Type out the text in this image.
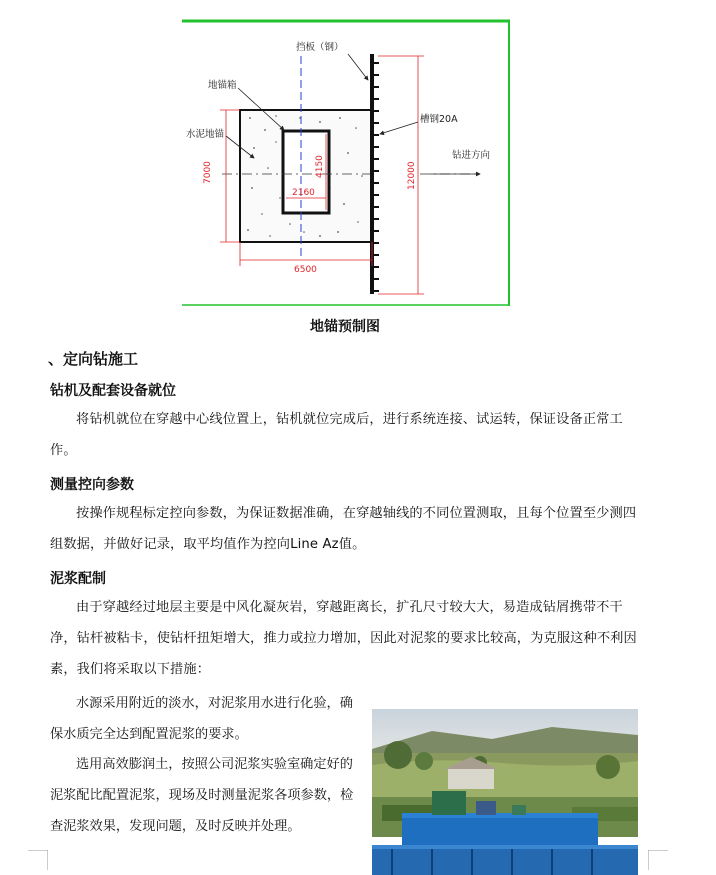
挡板（钢）
地锚箱
水泥地锚
槽钢20A
钻进方向
7000
6500
2160
4150	12000
地锚预制图
、定向钻施工
钻机及配套设备就位
将钻机就位在穿越中心线位置上，钻机就位完成后，进行系统连接、试运转，保证设备正常工作。
测量控向参数
按操作规程标定控向参数，为保证数据准确，在穿越轴线的不同位置测取，且每个位置至少测四组数据，并做好记录，取平均值作为控向Line Az值。
泥浆配制
由于穿越经过地层主要是中风化凝灰岩，穿越距离长，扩孔尺寸较大大，易造成钻屑携带不干净，钻杆被粘卡，使钻杆扭矩增大，推力或拉力增加，因此对泥浆的要求比较高，为克服这种不利因素，我们将采取以下措施：
水源采用附近的淡水，对泥浆用水进行化验，确保水质完全达到配置泥浆的要求。
选用高效膨润土，按照公司泥浆实验室确定好的泥浆配比配置泥浆，现场及时测量泥浆各项参数，检查泥浆效果，发现问题，及时反映并处理。
